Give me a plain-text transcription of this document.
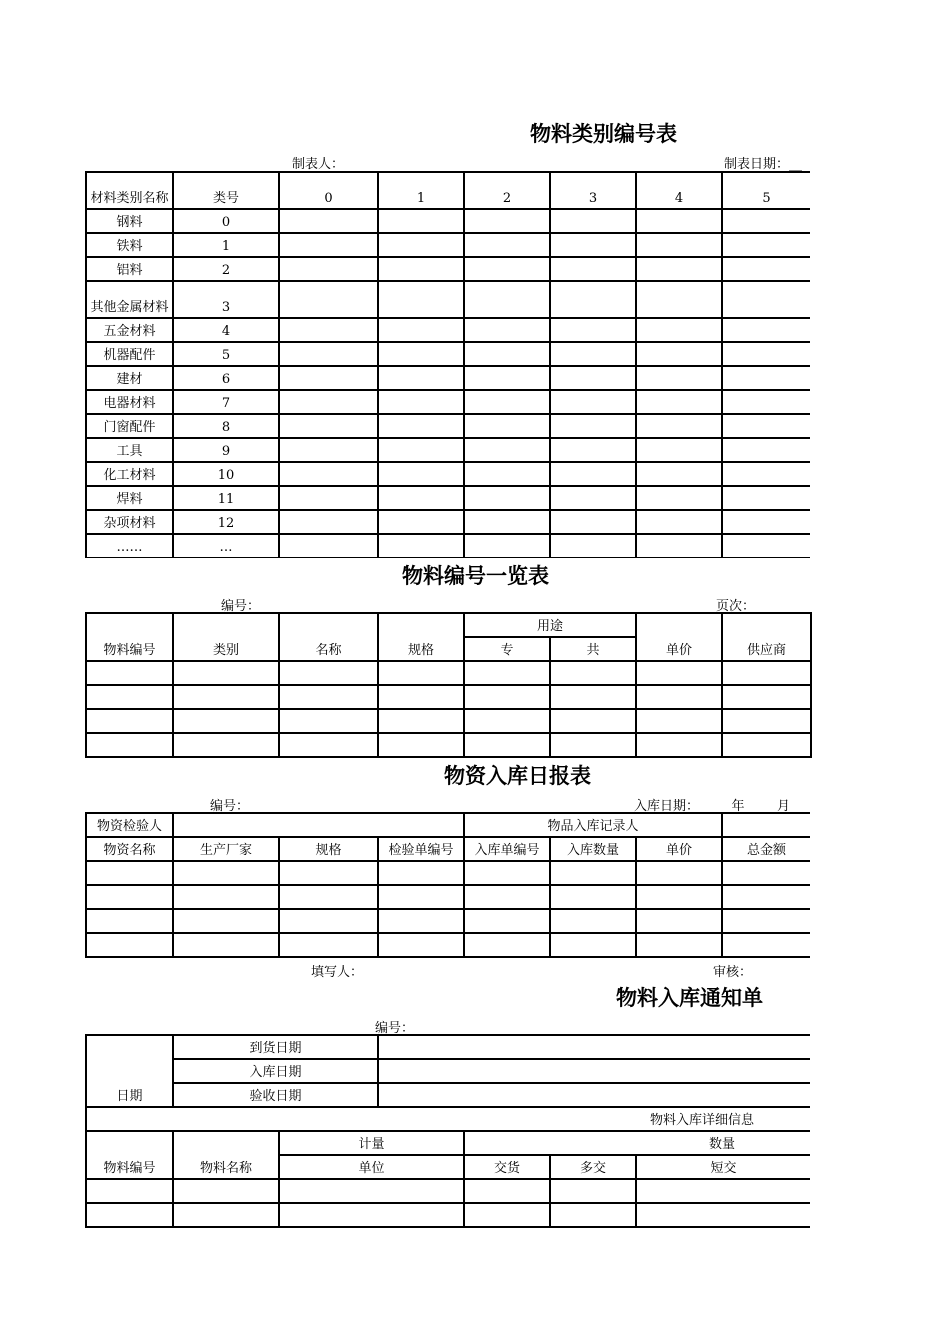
物料类别编号表
制表人：	制表日期：__
材料类别名称	类号	0	1	2	3	4	5
钢料	0						
铁料	1						
铝料	2						
其他金属材料	3						
五金材料	4						
机器配件	5						
建材	6						
电器材料	7						
门窗配件	8						
工具	9						
化工材料	10						
焊料	11						
杂项材料	12						
……	…						
物料编号一览表
编号：	页次：
物料编号	类别	名称	规格	用途		单价	供应商
				专	共		

物资入库日报表
编号：	入库日期：_____年_____月_
物资检验人				物品入库记录人			
物资名称	生产厂家	规格	检验单编号	入库单编号	入库数量	单价	总金额

填写人：	审核：
物料入库通知单
编号：
日期	到货日期						
	入库日期						
	验收日期						
物料入库详细信息							
物料编号	物料名称	计量		数量			
		单位		交货	多交	短交	
